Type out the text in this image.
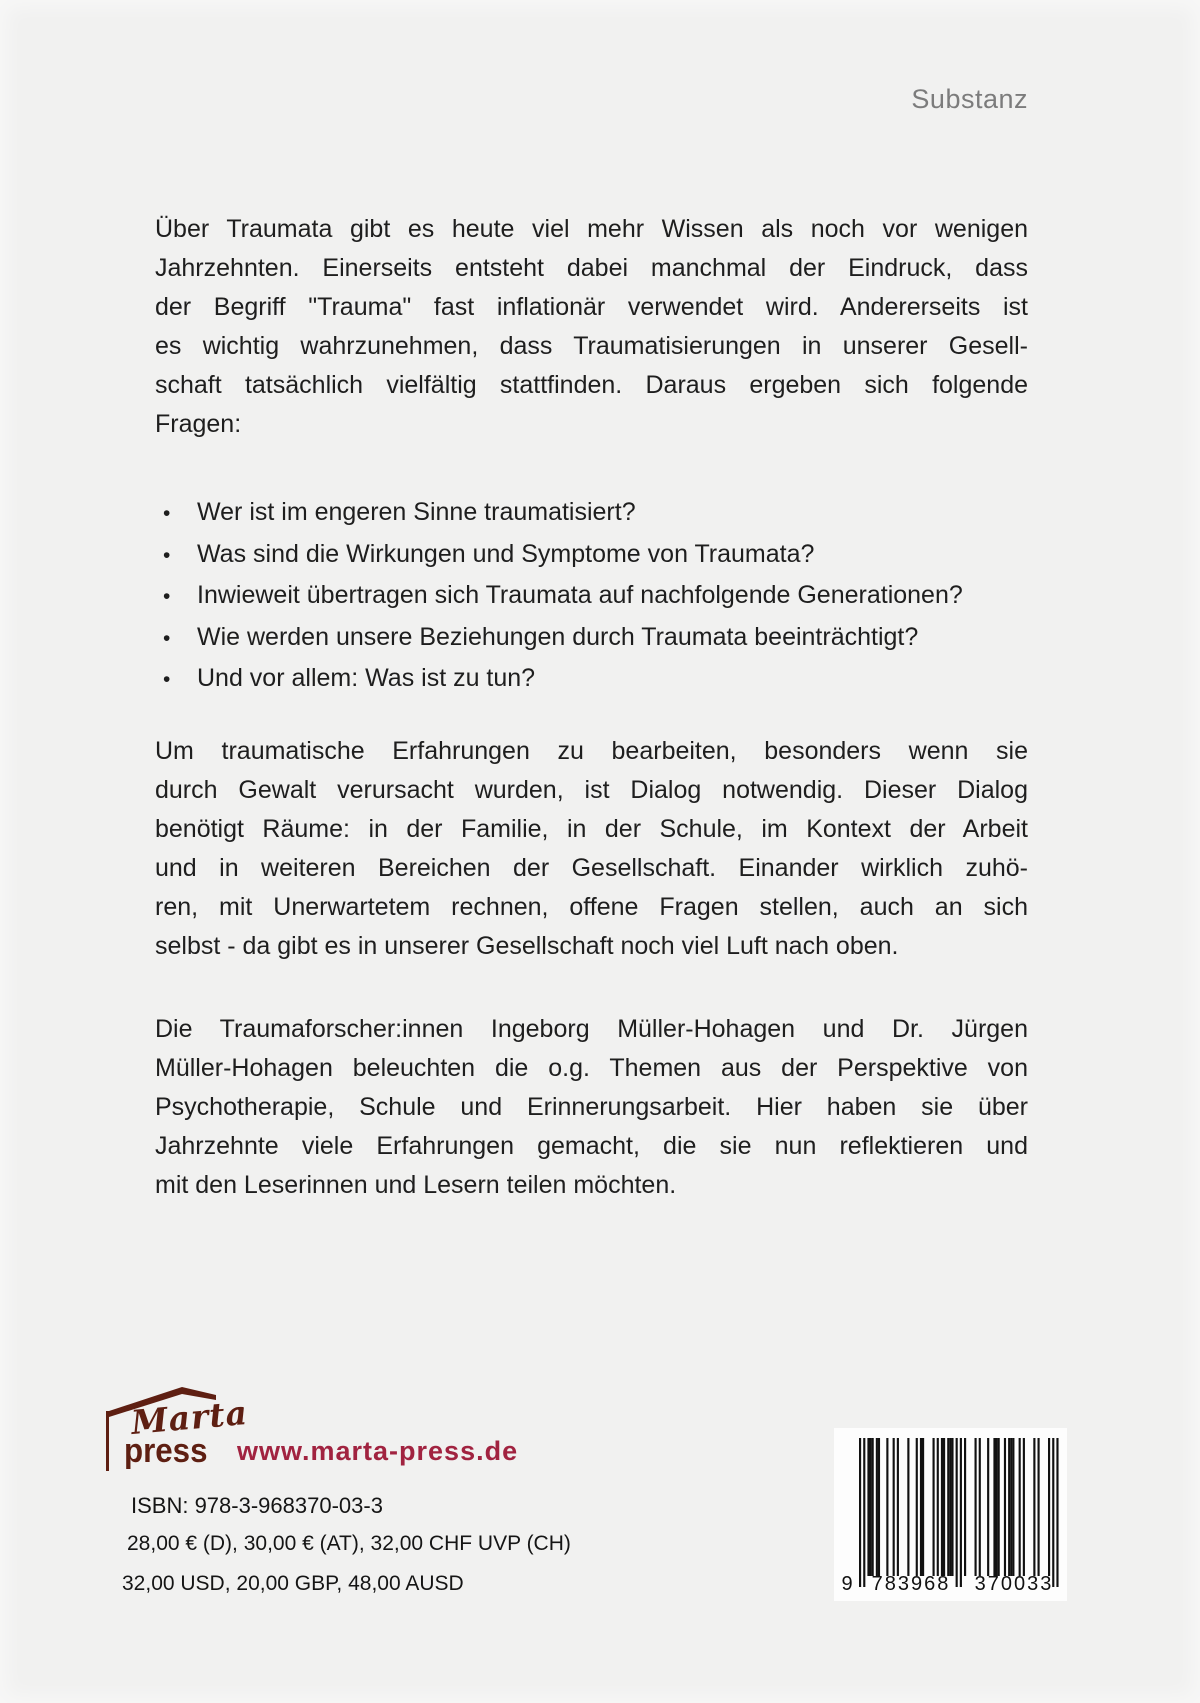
Substanz
Über Traumata gibt es heute viel mehr Wissen als noch vor wenigen
Jahrzehnten. Einerseits entsteht dabei manchmal der Eindruck, dass
der Begriff "Trauma" fast inflationär verwendet wird. Andererseits ist
es wichtig wahrzunehmen, dass Traumatisierungen in unserer Gesell-
schaft tatsächlich vielfältig stattfinden. Daraus ergeben sich folgende
Fragen:
•	Wer ist im engeren Sinne traumatisiert?
•	Was sind die Wirkungen und Symptome von Traumata?
•	Inwieweit übertragen sich Traumata auf nachfolgende Generationen?
•	Wie werden unsere Beziehungen durch Traumata beeinträchtigt?
•	Und vor allem: Was ist zu tun?
Um traumatische Erfahrungen zu bearbeiten, besonders wenn sie
durch Gewalt verursacht wurden, ist Dialog notwendig. Dieser Dialog
benötigt Räume: in der Familie, in der Schule, im Kontext der Arbeit
und in weiteren Bereichen der Gesellschaft. Einander wirklich zuhö-
ren, mit Unerwartetem rechnen, offene Fragen stellen, auch an sich
selbst - da gibt es in unserer Gesellschaft noch viel Luft nach oben.
Die Traumaforscher:innen Ingeborg Müller-Hohagen und Dr. Jürgen
Müller-Hohagen beleuchten die o.g. Themen aus der Perspektive von
Psychotherapie, Schule und Erinnerungsarbeit. Hier haben sie über
Jahrzehnte viele Erfahrungen gemacht, die sie nun reflektieren und
mit den Leserinnen und Lesern teilen möchten.
Marta
press www.marta-press.de
ISBN: 978-3-968370-03-3
28,00 € (D), 30,00 € (AT), 32,00 CHF UVP (CH)
32,00 USD, 20,00 GBP, 48,00 AUSD	9 783968 370033
